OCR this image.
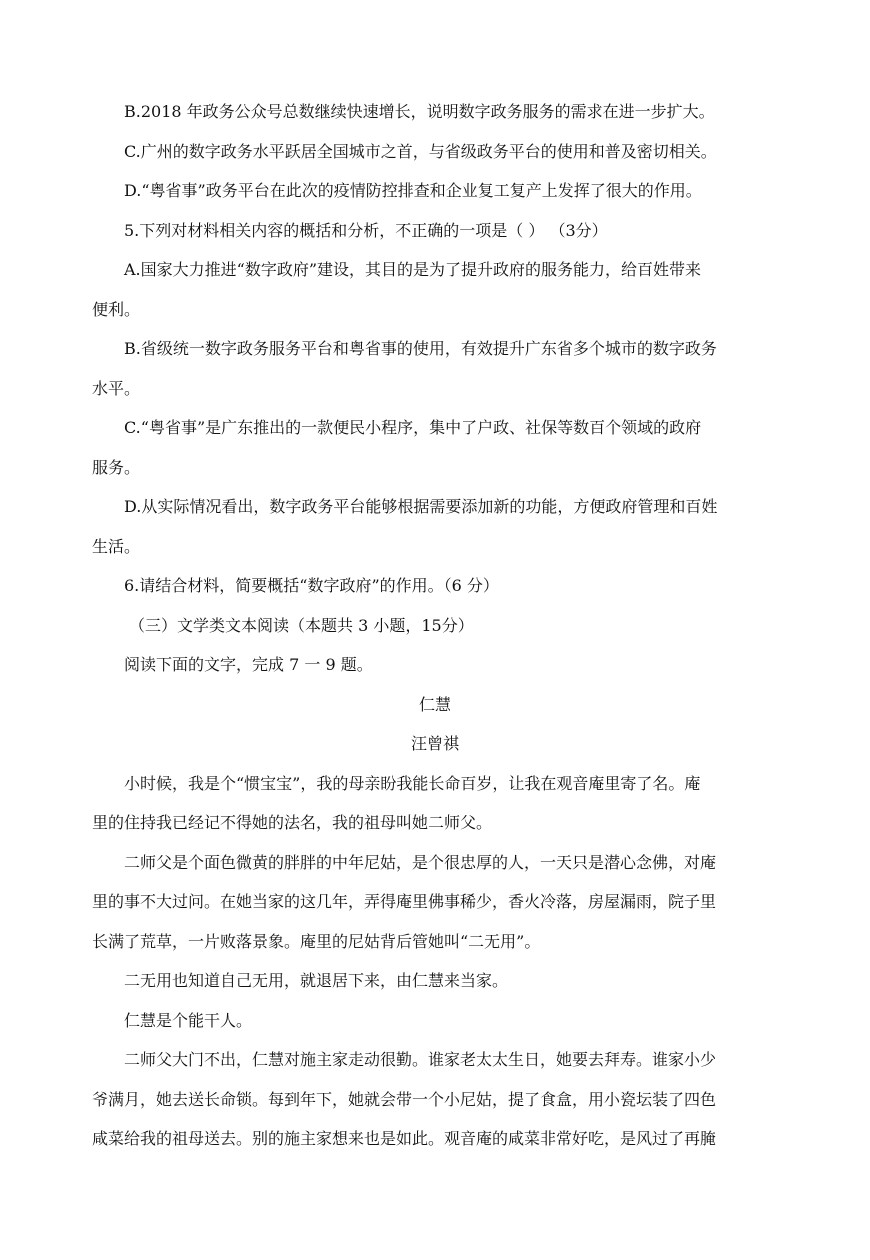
B.2018 年政务公众号总数继续快速增长，说明数字政务服务的需求在进一步扩大。
C.广州的数字政务水平跃居全国城市之首，与省级政务平台的使用和普及密切相关。
D.“粤省事”政务平台在此次的疫情防控排查和企业复工复产上发挥了很大的作用。
5.下列对材料相关内容的概括和分析，不正确的一项是（ ） （3分）
A.国家大力推进“数字政府”建设，其目的是为了提升政府的服务能力，给百姓带来
便利。
B.省级统一数字政务服务平台和粤省事的使用，有效提升广东省多个城市的数字政务
水平。
C.“粤省事”是广东推出的一款便民小程序，集中了户政、社保等数百个领域的政府
服务。
D.从实际情况看出，数字政务平台能够根据需要添加新的功能，方便政府管理和百姓
生活。
6.请结合材料，简要概括“数字政府”的作用。（6 分）
（三）文学类文本阅读（本题共 3 小题，15分）
阅读下面的文字，完成 7 一 9 题。
仁慧
汪曾祺
小时候，我是个“惯宝宝”，我的母亲盼我能长命百岁，让我在观音庵里寄了名。庵
里的住持我已经记不得她的法名，我的祖母叫她二师父。
二师父是个面色微黄的胖胖的中年尼姑，是个很忠厚的人，一天只是潜心念佛，对庵
里的事不大过问。在她当家的这几年，弄得庵里佛事稀少，香火冷落，房屋漏雨，院子里
长满了荒草，一片败落景象。庵里的尼姑背后管她叫“二无用”。
二无用也知道自己无用，就退居下来，由仁慧来当家。
仁慧是个能干人。
二师父大门不出，仁慧对施主家走动很勤。谁家老太太生日，她要去拜寿。谁家小少
爷满月，她去送长命锁。每到年下，她就会带一个小尼姑，提了食盒，用小瓷坛装了四色
咸菜给我的祖母送去。别的施主家想来也是如此。观音庵的咸菜非常好吃，是风过了再腌
